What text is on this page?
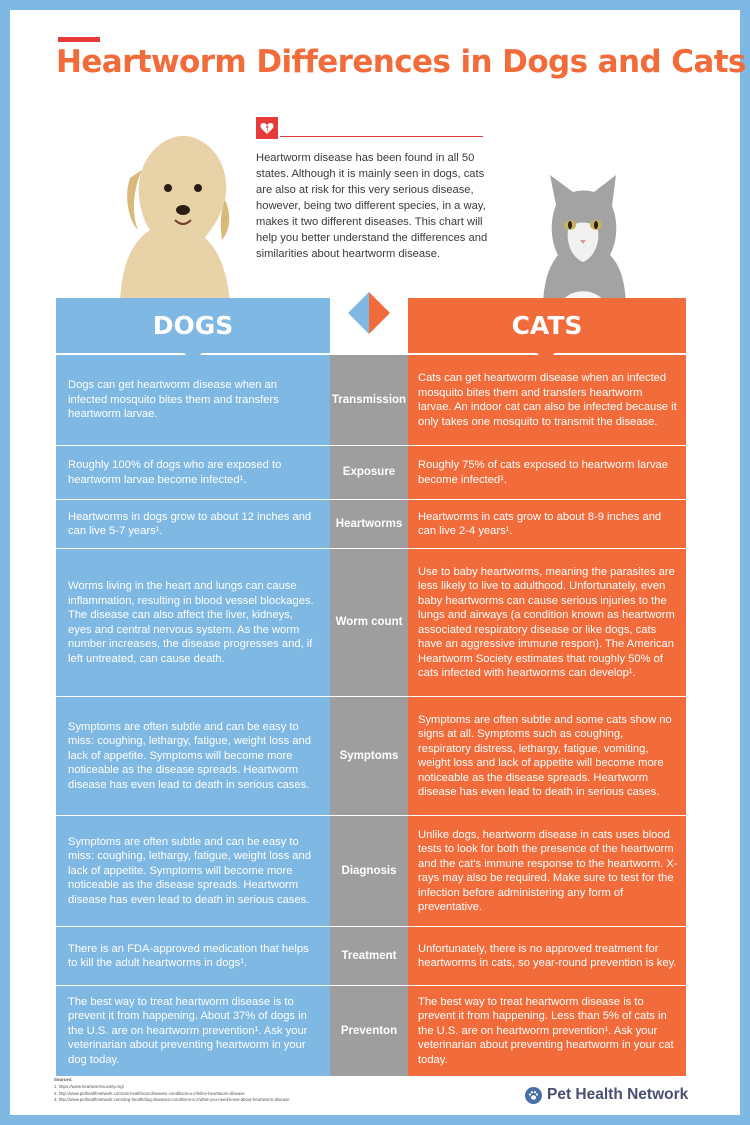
Heartworm Differences in Dogs and Cats
Heartworm disease has been found in all 50 states. Although it is mainly seen in dogs, cats are also at risk for this very serious disease, however, being two different species, in a way, makes it two different diseases. This chart will help you better understand the differences and similarities about heartworm disease.
DOGS	CATS
Dogs can get heartworm disease when an infected mosquito bites them and transfers heartworm larvae.
Transmission
Cats can get heartworm disease when an infected mosquito bites them and transfers heartworm larvae. An indoor cat can also be infected because it only takes one mosquito to transmit the disease.
Roughly 100% of dogs who are exposed to heartworm larvae become infected¹.
Exposure
Roughly 75% of cats exposed to heartworm larvae become infected¹.
Heartworms in dogs grow to about 12 inches and can live 5-7 years¹.
Heartworms
Heartworms in cats grow to about 8-9 inches and can live 2-4 years¹.
Worms living in the heart and lungs can cause inflammation, resulting in blood vessel blockages. The disease can also affect the liver, kidneys, eyes and central nervous system. As the worm number increases, the disease progresses and, if left untreated, can cause death.
Worm count
Use to baby heartworms, meaning the parasites are less likely to live to adulthood. Unfortunately, even baby heartworms can cause serious injuries to the lungs and airways (a condition known as heartworm associated respiratory disease or like dogs, cats have an aggressive immune respon). The American Heartworm Society estimates that roughly 50% of cats infected with heartworms can develop¹.
Symptoms are often subtle and can be easy to miss: coughing, lethargy, fatigue, weight loss and lack of appetite. Symptoms will become more noticeable as the disease spreads. Heartworm disease has even lead to death in serious cases.
Symptoms
Symptoms are often subtle and some cats show no signs at all. Symptoms such as coughing, respiratory distress, lethargy, fatigue, vomiting, weight loss and lack of appetite will become more noticeable as the disease spreads. Heartworm disease has even lead to death in serious cases.
Symptoms are often subtle and can be easy to miss: coughing, lethargy, fatigue, weight loss and lack of appetite. Symptoms will become more noticeable as the disease spreads. Heartworm disease has even lead to death in serious cases.
Diagnosis
Unlike dogs, heartworm disease in cats uses blood tests to look for both the presence of the heartworm and the cat's immune response to the heartworm. X-rays may also be required. Make sure to test for the infection before administering any form of preventative.
There is an FDA-approved medication that helps to kill the adult heartworms in dogs¹.
Treatment
Unfortunately, there is no approved treatment for heartworms in cats, so year-round prevention is key.
The best way to treat heartworm disease is to prevent it from happening. About 37% of dogs in the U.S. are on heartworm prevention¹. Ask your veterinarian about preventing heartworm in your dog today.
Preventon
The best way to treat heartworm disease is to prevent it from happening. Less than 5% of cats in the U.S. are on heartworm prevention¹. Ask your veterinarian about preventing heartworm in your cat today.
Sources:
1. https://www.heartwormsociety.org/
2. http://www.pethealthnetwork.com/cat-health/cat-diseases-conditions-a-z/feline-heartworm-disease
3. http://www.pethealthnetwork.com/dog-health/dog-diseases-conditions-a-z/what-you-need-know-about-heartworm-disease	Pet Health Network
